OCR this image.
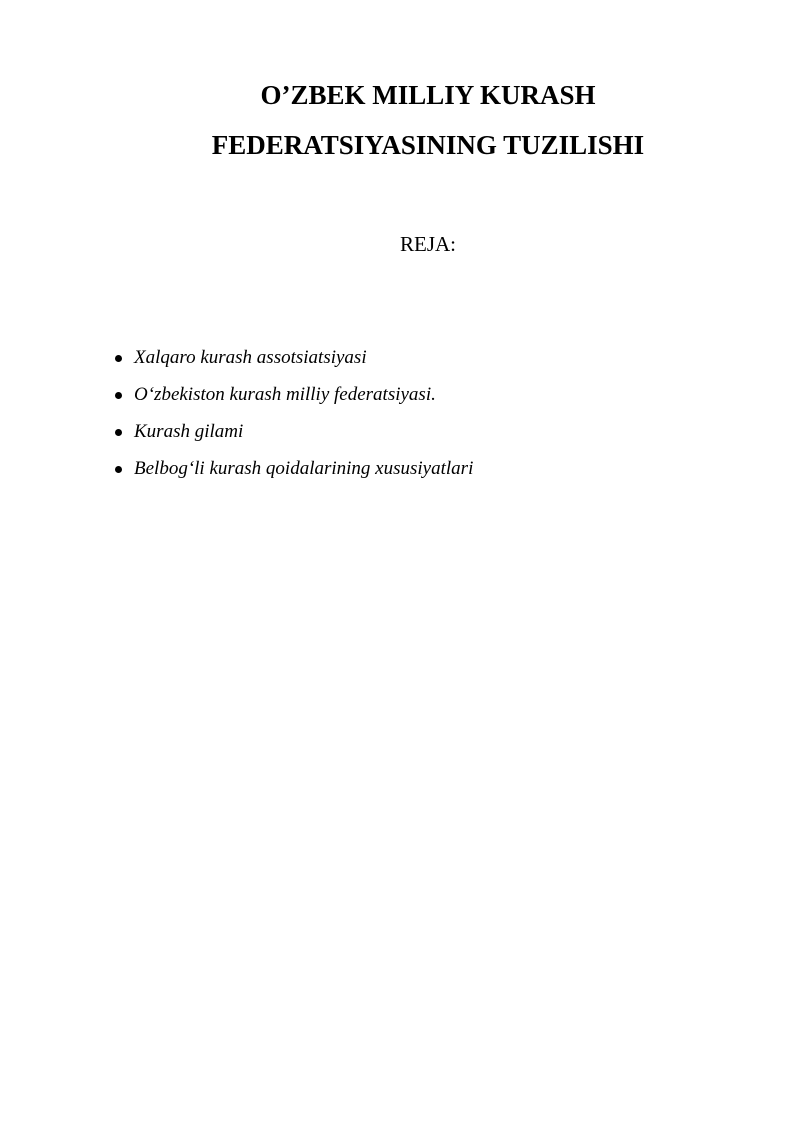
O’ZBEK MILLIY KURASH
FEDERATSIYASINING TUZILISHI

REJA:

Xalqaro kurash assotsiatsiyasi
O‘zbekiston kurash milliy federatsiyasi.
Kurash gilami
Belbog‘li kurash qoidalarining xususiyatlari
